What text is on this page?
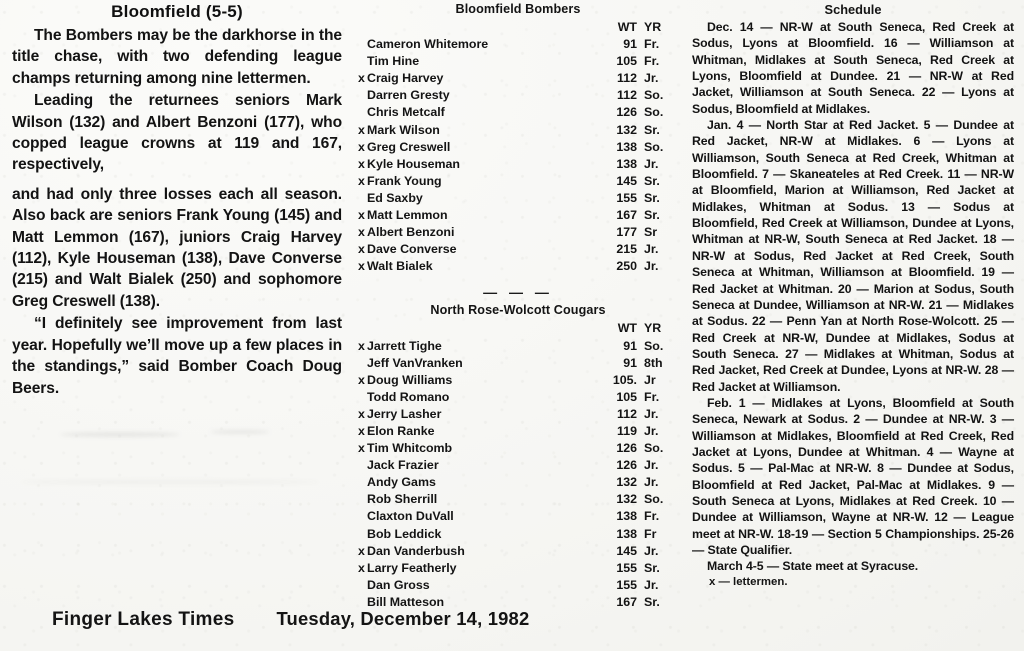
Bloomfield (5-5)

The Bombers may be the darkhorse in the title chase, with two defending league champs returning among nine lettermen.

Leading the returnees seniors Mark Wilson (132) and Albert Benzoni (177), who copped league crowns at 119 and 167, respectively,

and had only three losses each all season. Also back are seniors Frank Young (145) and Matt Lemmon (167), juniors Craig Harvey (112), Kyle Houseman (138), Dave Converse (215) and Walt Bialek (250) and sophomore Greg Creswell (138).

“I definitely see improvement from last year. Hopefully we’ll move up a few places in the standings,” said Bomber Coach Doug Beers.

Bloomfield Bombers
	WT	YR
Cameron Whitemore	91	Fr.
Tim Hine	105	Fr.
x Craig Harvey	112	Jr.
Darren Gresty	112	So.
Chris Metcalf	126	So.
x Mark Wilson	132	Sr.
x Greg Creswell	138	So.
x Kyle Houseman	138	Jr.
x Frank Young	145	Sr.
Ed Saxby	155	Sr.
x Matt Lemmon	167	Sr.
x Albert Benzoni	177	Sr
x Dave Converse	215	Jr.
x Walt Bialek	250	Jr.
— — —
North Rose-Wolcott Cougars
	WT	YR
x Jarrett Tighe	91	So.
Jeff VanVranken	91	8th
x Doug Williams	105.	Jr
Todd Romano	105	Fr.
x Jerry Lasher	112	Jr.
x Elon Ranke	119	Jr.
x Tim Whitcomb	126	So.
Jack Frazier	126	Jr.
Andy Gams	132	Jr.
Rob Sherrill	132	So.
Claxton DuVall	138	Fr.
Bob Leddick	138	Fr
x Dan Vanderbush	145	Jr.
x Larry Featherly	155	Sr.
Dan Gross	155	Jr.
Bill Matteson	167	Sr.
Schedule

Dec. 14 — NR-W at South Seneca, Red Creek at Sodus, Lyons at Bloomfield. 16 — Williamson at Whitman, Midlakes at South Seneca, Red Creek at Lyons, Bloomfield at Dundee. 21 — NR-W at Red Jacket, Williamson at South Seneca. 22 — Lyons at Sodus, Bloomfield at Midlakes.

Jan. 4 — North Star at Red Jacket. 5 — Dundee at Red Jacket, NR-W at Midlakes. 6 — Lyons at Williamson, South Seneca at Red Creek, Whitman at Bloomfield. 7 — Skaneateles at Red Creek. 11 — NR-W at Bloomfield, Marion at Williamson, Red Jacket at Midlakes, Whitman at Sodus. 13 — Sodus at Bloomfield, Red Creek at Williamson, Dundee at Lyons, Whitman at NR-W, South Seneca at Red Jacket. 18 — NR-W at Sodus, Red Jacket at Red Creek, South Seneca at Whitman, Williamson at Bloomfield. 19 — Red Jacket at Whitman. 20 — Marion at Sodus, South Seneca at Dundee, Williamson at NR-W. 21 — Midlakes at Sodus. 22 — Penn Yan at North Rose-Wolcott. 25 — Red Creek at NR-W, Dundee at Midlakes, Sodus at South Seneca. 27 — Midlakes at Whitman, Sodus at Red Jacket, Red Creek at Dundee, Lyons at NR-W. 28 — Red Jacket at Williamson.

Feb. 1 — Midlakes at Lyons, Bloomfield at South Seneca, Newark at Sodus. 2 — Dundee at NR-W. 3 — Williamson at Midlakes, Bloomfield at Red Creek, Red Jacket at Lyons, Dundee at Whitman. 4 — Wayne at Sodus. 5 — Pal-Mac at NR-W. 8 — Dundee at Sodus, Bloomfield at Red Jacket, Pal-Mac at Midlakes. 9 — South Seneca at Lyons, Midlakes at Red Creek. 10 — Dundee at Williamson, Wayne at NR-W. 12 — League meet at NR-W. 18-19 — Section 5 Championships. 25-26 — State Qualifier.

March 4-5 — State meet at Syracuse.

x — lettermen.

Finger Lakes Times Tuesday, December 14, 1982
